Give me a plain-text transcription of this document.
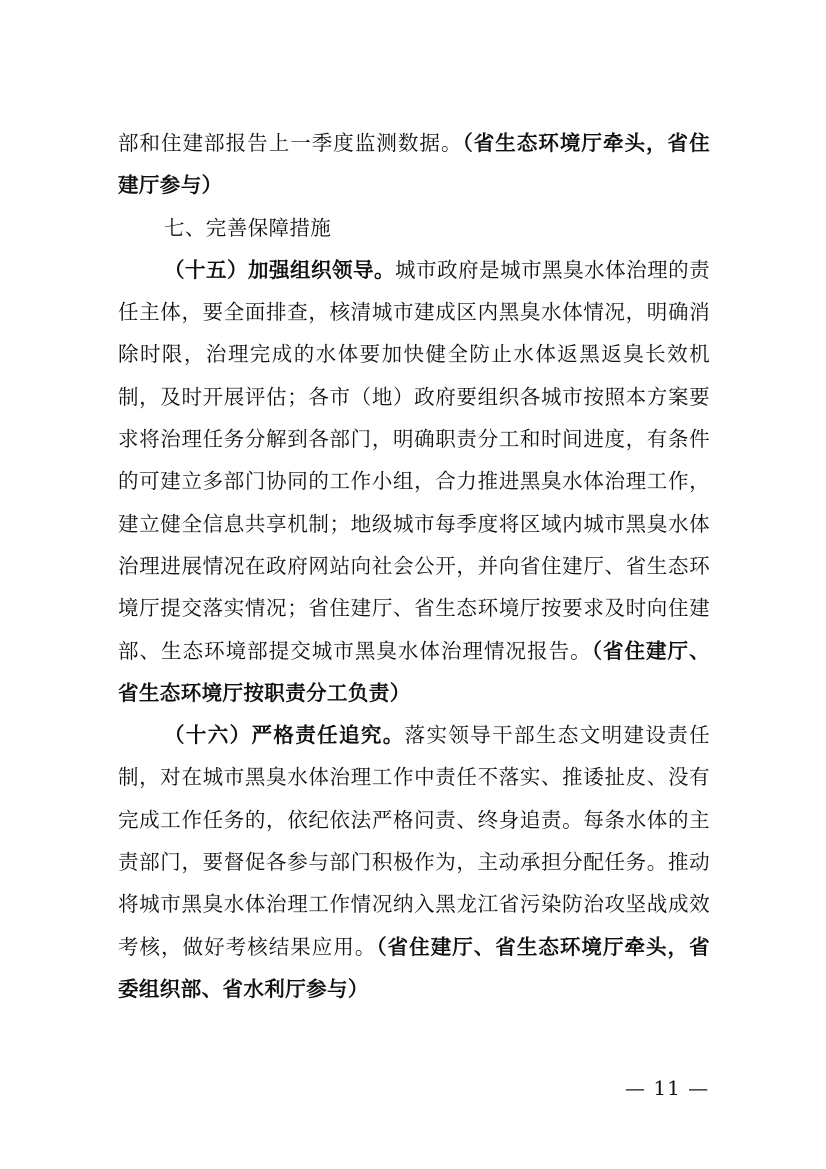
部和住建部报告上一季度监测数据。（省生态环境厅牵头，省住建厅参与）

七、完善保障措施

（十五）加强组织领导。城市政府是城市黑臭水体治理的责任主体，要全面排查，核清城市建成区内黑臭水体情况，明确消除时限，治理完成的水体要加快健全防止水体返黑返臭长效机制，及时开展评估；各市（地）政府要组织各城市按照本方案要求将治理任务分解到各部门，明确职责分工和时间进度，有条件的可建立多部门协同的工作小组，合力推进黑臭水体治理工作，建立健全信息共享机制；地级城市每季度将区域内城市黑臭水体治理进展情况在政府网站向社会公开，并向省住建厅、省生态环境厅提交落实情况；省住建厅、省生态环境厅按要求及时向住建部、生态环境部提交城市黑臭水体治理情况报告。（省住建厅、省生态环境厅按职责分工负责）

（十六）严格责任追究。落实领导干部生态文明建设责任制，对在城市黑臭水体治理工作中责任不落实、推诿扯皮、没有完成工作任务的，依纪依法严格问责、终身追责。每条水体的主责部门，要督促各参与部门积极作为，主动承担分配任务。推动将城市黑臭水体治理工作情况纳入黑龙江省污染防治攻坚战成效考核，做好考核结果应用。（省住建厅、省生态环境厅牵头，省委组织部、省水利厅参与）

— 11 —
